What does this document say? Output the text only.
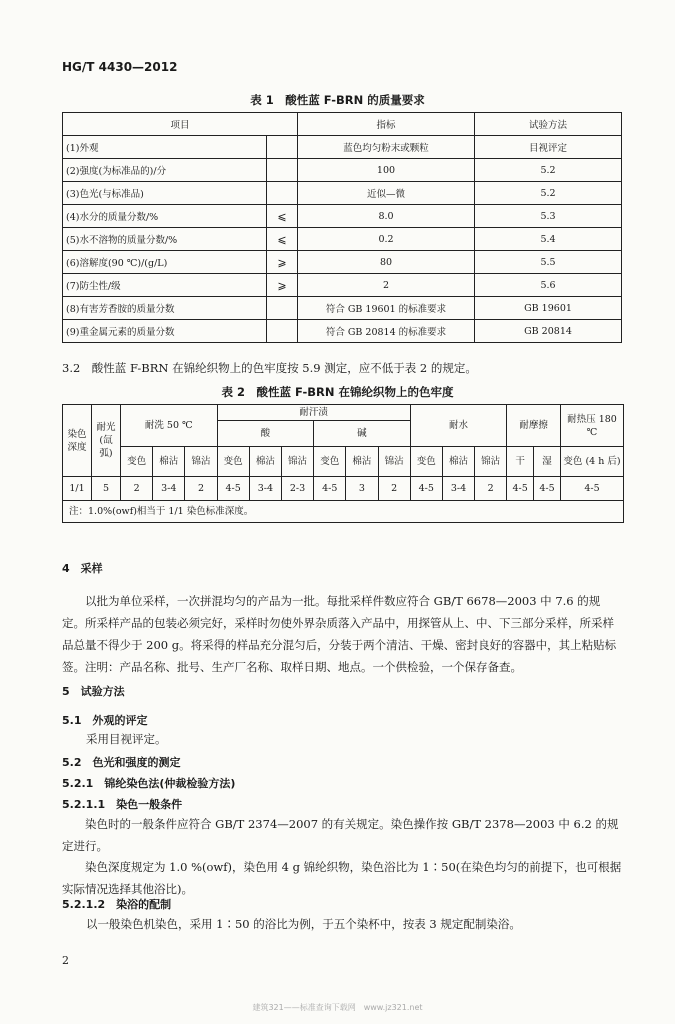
HG/T 4430—2012
表 1　酸性蓝 F-BRN 的质量要求
项目		指标	试验方法
(1)外观		蓝色均匀粉末或颗粒	目视评定
(2)强度(为标准品的)/分		100	5.2
(3)色光(与标准品)		近似—微	5.2
(4)水分的质量分数/%	⩽	8.0	5.3
(5)水不溶物的质量分数/%	⩽	0.2	5.4
(6)溶解度(90 ℃)/(g/L)	⩾	80	5.5
(7)防尘性/级	⩾	2	5.6
(8)有害芳香胺的质量分数		符合 GB 19601 的标准要求	GB 19601
(9)重金属元素的质量分数		符合 GB 20814 的标准要求	GB 20814
3.2　酸性蓝 F-BRN 在锦纶织物上的色牢度按 5.9 测定，应不低于表 2 的规定。
表 2　酸性蓝 F-BRN 在锦纶织物上的色牢度
染色深度	耐光(氙弧)	耐洗 50 ℃			耐汗渍						耐水			耐摩擦		耐热压 180 ℃
					酸			碱								
		变色	棉沾	锦沾	变色	棉沾	锦沾	变色	棉沾	锦沾	变色	棉沾	锦沾	干	湿	变色 (4 h 后)
1/1	5	2	3-4	2	4-5	3-4	2-3	4-5	3	2	4-5	3-4	2	4-5	4-5	4-5
注：1.0%(owf)相当于 1/1 染色标准深度。																
4　采样
以批为单位采样，一次拼混均匀的产品为一批。每批采样件数应符合 GB/T 6678—2003 中 7.6 的规定。所采样产品的包装必须完好，采样时勿使外界杂质落入产品中，用探管从上、中、下三部分采样，所采样品总量不得少于 200 g。将采得的样品充分混匀后，分装于两个清洁、干燥、密封良好的容器中，其上粘贴标签。注明：产品名称、批号、生产厂名称、取样日期、地点。一个供检验，一个保存备查。
5　试验方法
5.1　外观的评定
采用目视评定。
5.2　色光和强度的测定
5.2.1　锦纶染色法(仲裁检验方法)
5.2.1.1　染色一般条件
染色时的一般条件应符合 GB/T 2374—2007 的有关规定。染色操作按 GB/T 2378—2003 中 6.2 的规定进行。
染色深度规定为 1.0 %(owf)，染色用 4 g 锦纶织物，染色浴比为 1∶50(在染色均匀的前提下，也可根据实际情况选择其他浴比)。
5.2.1.2　染浴的配制
以一般染色机染色，采用 1∶50 的浴比为例，于五个染杯中，按表 3 规定配制染浴。
2
建筑321——标准查询下载网　www.jz321.net
